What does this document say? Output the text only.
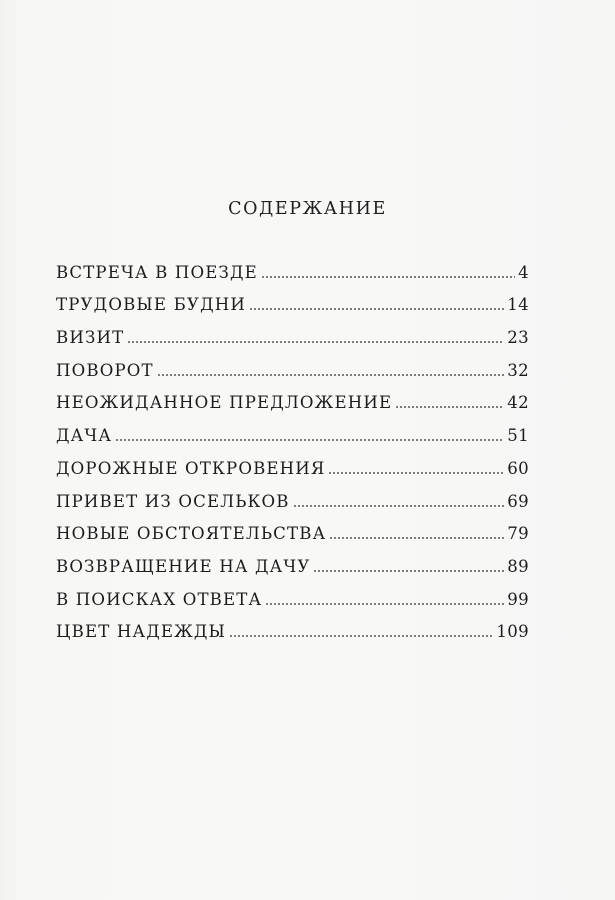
СОДЕРЖАНИЕ
ВСТРЕЧА В ПОЕЗДЕ	4
ТРУДОВЫЕ БУДНИ	14
ВИЗИТ	23
ПОВОРОТ	32
НЕОЖИДАННОЕ ПРЕДЛОЖЕНИЕ	42
ДАЧА	51
ДОРОЖНЫЕ ОТКРОВЕНИЯ	60
ПРИВЕТ ИЗ ОСЕЛЬКОВ	69
НОВЫЕ ОБСТОЯТЕЛЬСТВА	79
ВОЗВРАЩЕНИЕ НА ДАЧУ	89
В ПОИСКАХ ОТВЕТА	99
ЦВЕТ НАДЕЖДЫ	109
